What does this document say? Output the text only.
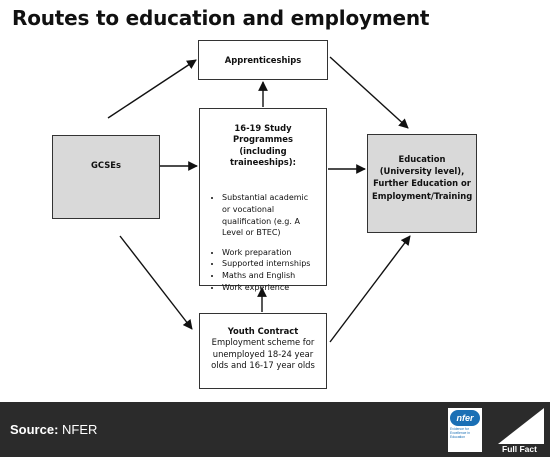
Routes to education and employment
Apprenticeships
GCSEs
16-19 Study Programmes
(including traineeships):
• Substantial academic or vocational qualification (e.g. A Level or BTEC)
• Work preparation
• Supported internships
• Maths and English
• Work experience
Education (University level), Further Education or Employment/Training
Youth Contract
Employment scheme for unemployed 18-24 year olds and 16-17 year olds
Source: NFER
nfer
Evidence for Excellence in Education
Full Fact
